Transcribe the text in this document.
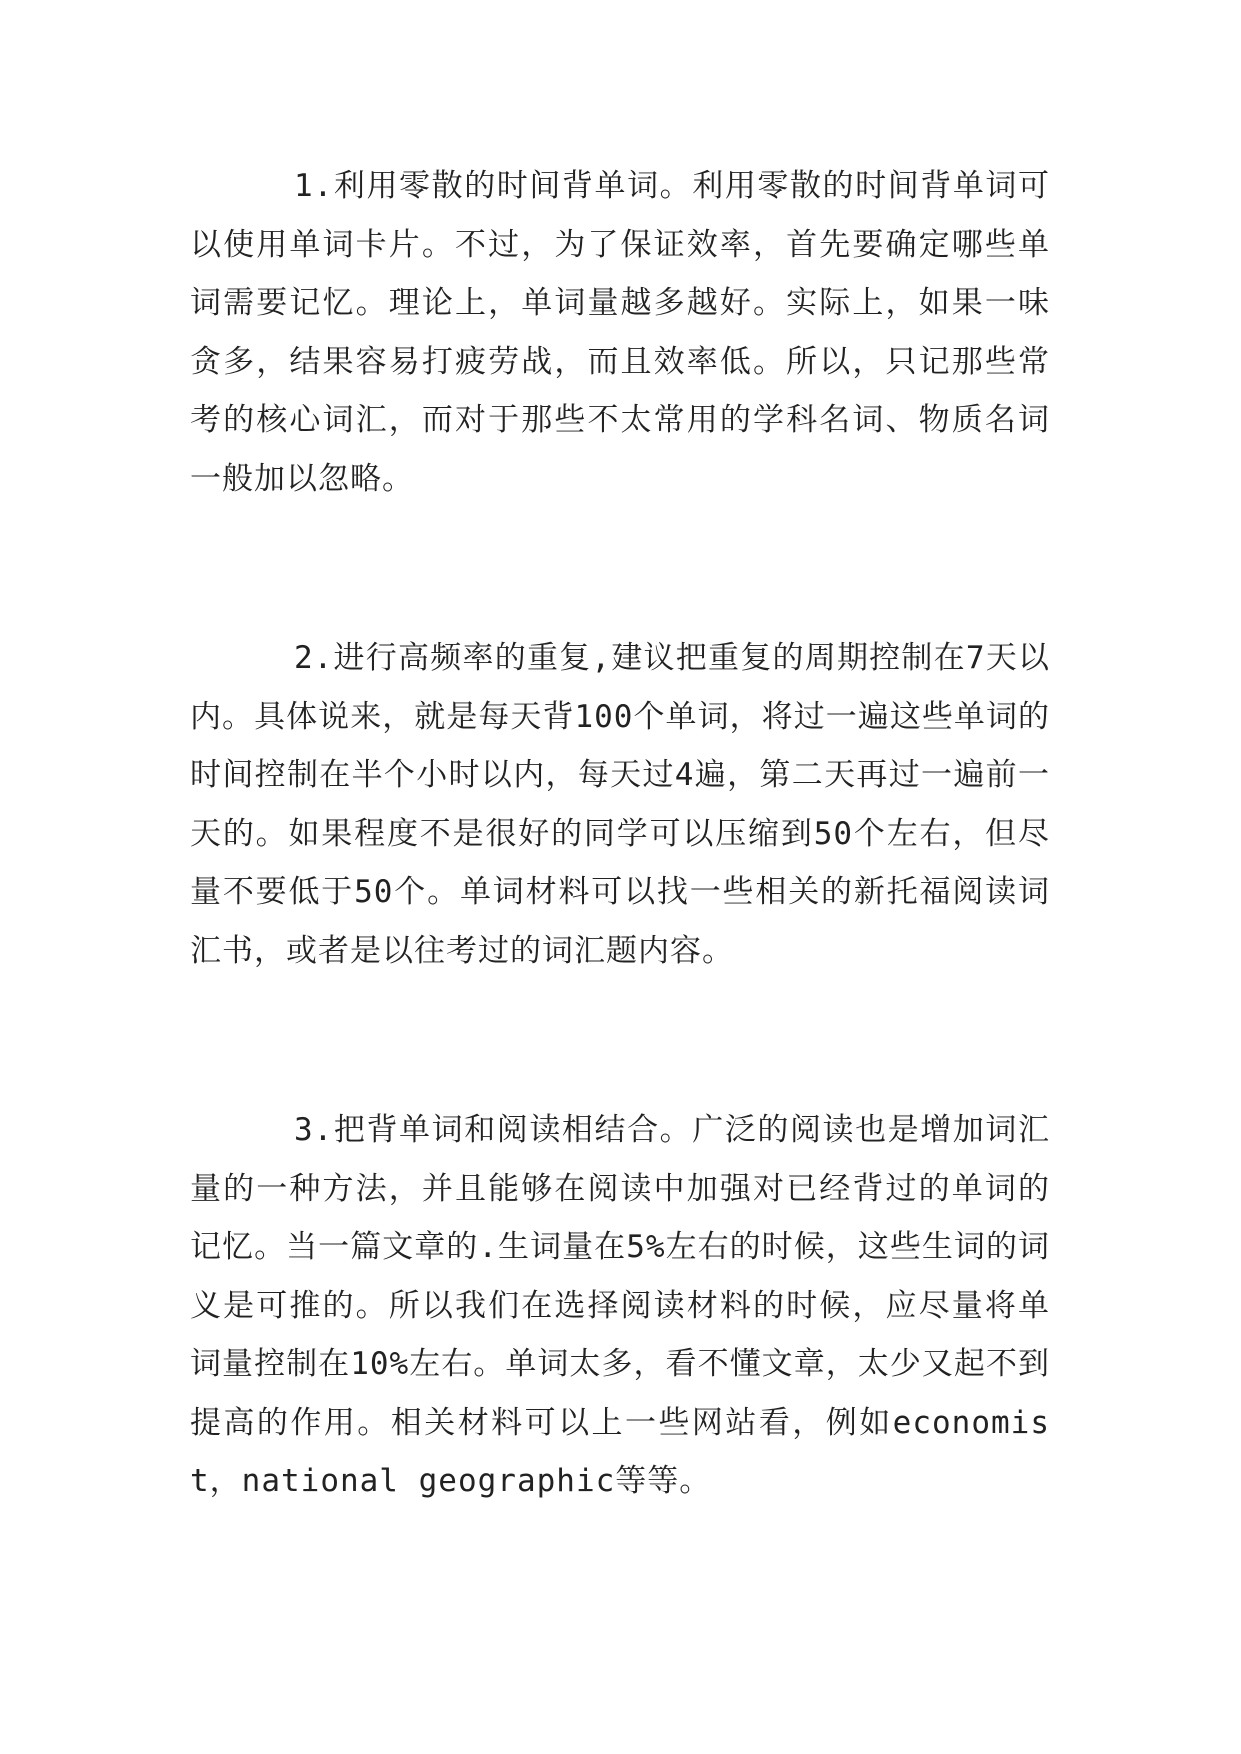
1.利用零散的时间背单词。利用零散的时间背单词可以使用单词卡片。不过，为了保证效率，首先要确定哪些单词需要记忆。理论上，单词量越多越好。实际上，如果一味贪多，结果容易打疲劳战，而且效率低。所以，只记那些常考的核心词汇，而对于那些不太常用的学科名词、物质名词一般加以忽略。

2.进行高频率的重复,建议把重复的周期控制在7天以内。具体说来，就是每天背100个单词，将过一遍这些单词的时间控制在半个小时以内，每天过4遍，第二天再过一遍前一天的。如果程度不是很好的同学可以压缩到50个左右，但尽量不要低于50个。单词材料可以找一些相关的新托福阅读词汇书，或者是以往考过的词汇题内容。

3.把背单词和阅读相结合。广泛的阅读也是增加词汇量的一种方法，并且能够在阅读中加强对已经背过的单词的记忆。当一篇文章的.生词量在5%左右的时候，这些生词的词义是可推的。所以我们在选择阅读材料的时候，应尽量将单词量控制在10%左右。单词太多，看不懂文章，太少又起不到提高的作用。相关材料可以上一些网站看，例如economist，national geographic等等。
